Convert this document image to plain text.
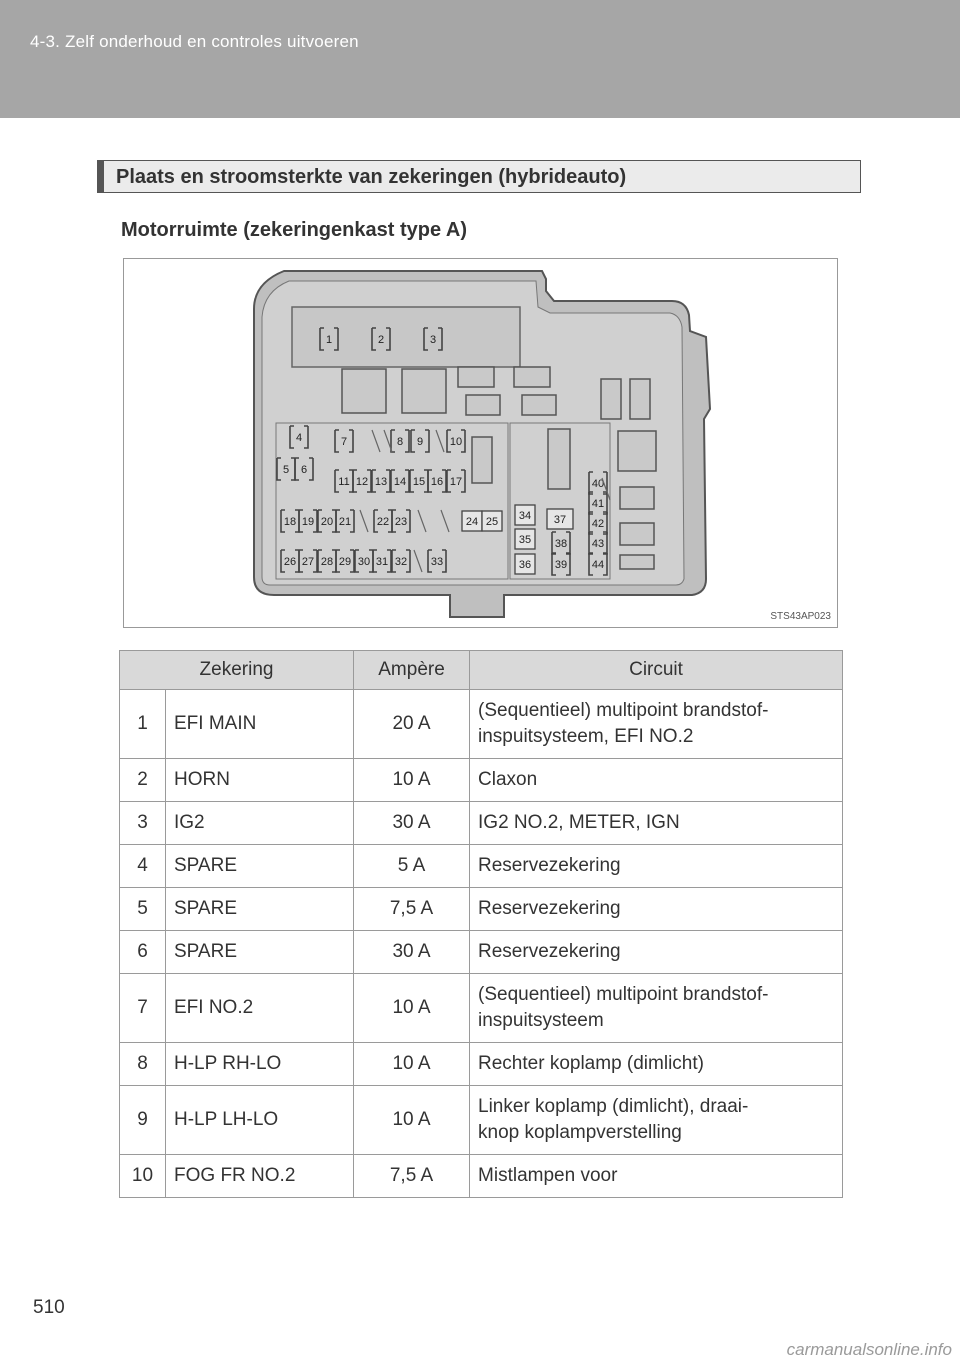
4-3. Zelf onderhoud en controles uitvoeren
Plaats en stroomsterkte van zekeringen (hybrideauto)
Motorruimte (zekeringenkast type A)
1	2	3
4
5 6
7	8 9 10
11 12 13 14 15 16 17
18 19 20 21 22 23	24 25
26 27 28 29 30 31 32 33
34
35
36
37
38
39
40
41
42
43
44
STS43AP023
Zekering		Ampère	Circuit
1	EFI MAIN	20 A	(Sequentieel) multipoint brandstof-
inspuitsysteem, EFI NO.2
2	HORN	10 A	Claxon
3	IG2	30 A	IG2 NO.2, METER, IGN
4	SPARE	5 A	Reservezekering
5	SPARE	7,5 A	Reservezekering
6	SPARE	30 A	Reservezekering
7	EFI NO.2	10 A	(Sequentieel) multipoint brandstof-
inspuitsysteem
8	H-LP RH-LO	10 A	Rechter koplamp (dimlicht)
9	H-LP LH-LO	10 A	Linker koplamp (dimlicht), draai-
knop koplampverstelling
10	FOG FR NO.2	7,5 A	Mistlampen voor
510
carmanualsonline.info
